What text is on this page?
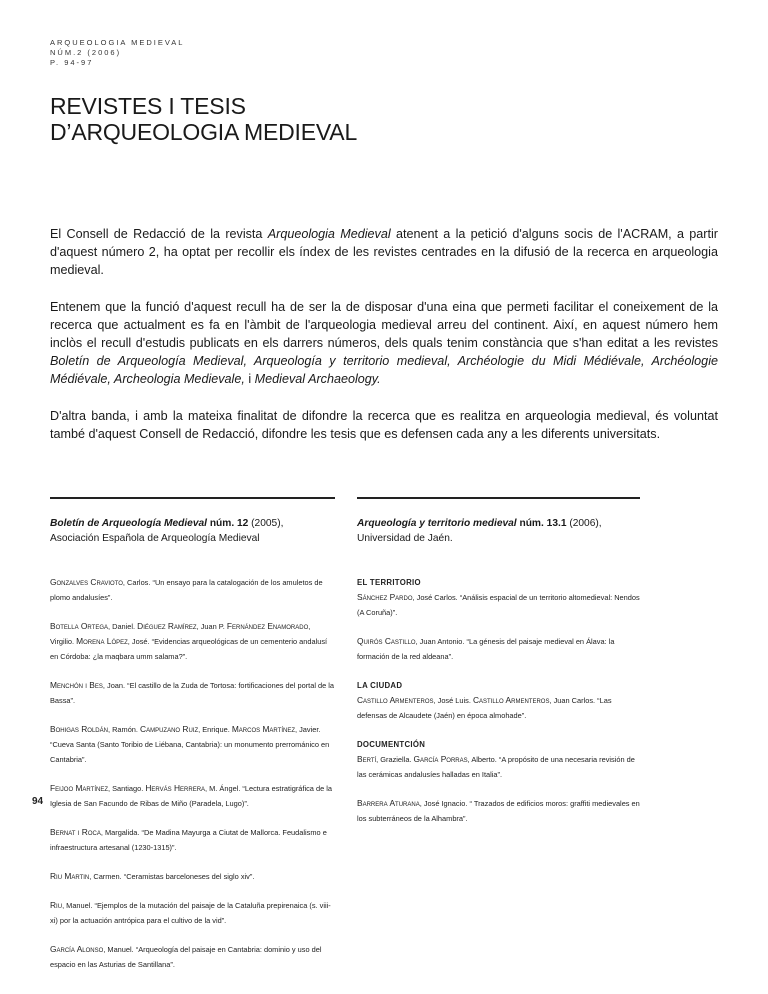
ARQUEOLOGIA MEDIEVAL
NÚM.2 (2006)
P. 94-97
REVISTES I TESIS
D’ARQUEOLOGIA MEDIEVAL

El Consell de Redacció de la revista Arqueologia Medieval atenent a la petició d'alguns socis de l'ACRAM, a partir d'aquest número 2, ha optat per recollir els índex de les revistes centrades en la difusió de la recerca en arqueologia medieval.

Entenem que la funció d'aquest recull ha de ser la de disposar d'una eina que permeti facilitar el coneixement de la recerca que actualment es fa en l'àmbit de l'arqueologia medieval arreu del continent. Així, en aquest número hem inclòs el recull d'estudis publicats en els darrers números, dels quals tenim constància que s'han editat a les revistes Boletín de Arqueología Medieval, Arqueología y territorio medieval, Archéologie du Midi Médiévale, Archéologie Médiévale, Archeologia Medievale, i Medieval Archaeology.

D'altra banda, i amb la mateixa finalitat de difondre la recerca que es realitza en arqueologia medieval, és voluntat també d'aquest Consell de Redacció, difondre les tesis que es defensen cada any a les diferents universitats.

Boletín de Arqueología Medieval núm. 12 (2005),
Asociación Española de Arqueología Medieval
Gonzalves Cravioto, Carlos. “Un ensayo para la catalogación de los amuletos de plomo andalusíes”.
Botella Ortega, Daniel. Diéguez Ramírez, Juan P. Fernández Enamorado, Virgilio. Morena López, José. “Evidencias arqueológicas de un cementerio andalusí en Córdoba: ¿la maqbara umm salama?”.
Menchón i Bes, Joan. “El castillo de la Zuda de Tortosa: fortificaciones del portal de la Bassa”.
Bohigas Roldán, Ramón. Campuzano Ruiz, Enrique. Marcos Martínez, Javier. “Cueva Santa (Santo Toribio de Liébana, Cantabria): un monumento prerrománico en Cantabria”.
Feijoo Martínez, Santiago. Hervás Herrera, M. Ángel. “Lectura estratigráfica de la Iglesia de San Facundo de Ribas de Miño (Paradela, Lugo)”.
Bernat i Roca, Margalida. “De Madina Mayurga a Ciutat de Mallorca. Feudalismo e infraestructura artesanal (1230-1315)”.
Riu Martin, Carmen. “Ceramistas barceloneses del siglo xiv”.
Riu, Manuel. “Ejemplos de la mutación del paisaje de la Cataluña prepirenaica (s. viii-xi) por la actuación antrópica para el cultivo de la vid”.
García Alonso, Manuel. “Arqueología del paisaje en Cantabria: dominio y uso del espacio en las Asturias de Santillana”.
Arqueología y territorio medieval núm. 13.1 (2006),
Universidad de Jaén.
EL TERRITORIO
Sánchez Pardo, José Carlos. “Análisis espacial de un territorio altomedieval: Nendos (A Coruña)”.
Quirós Castillo, Juan Antonio. “La génesis del paisaje medieval en Álava: la formación de la red aldeana”.
LA CIUDAD
Castillo Armenteros, José Luis. Castillo Armenteros, Juan Carlos. “Las defensas de Alcaudete (Jaén) en época almohade”.
DOCUMENTCIÓN
Bertí, Graziella. García Porras, Alberto. “A propósito de una necesaria revisión de las cerámicas andalusíes halladas en Italia”.
Barrera Aturana, José Ignacio. “ Trazados de edificios moros: graffiti medievales en los subterráneos de la Alhambra”.
94
